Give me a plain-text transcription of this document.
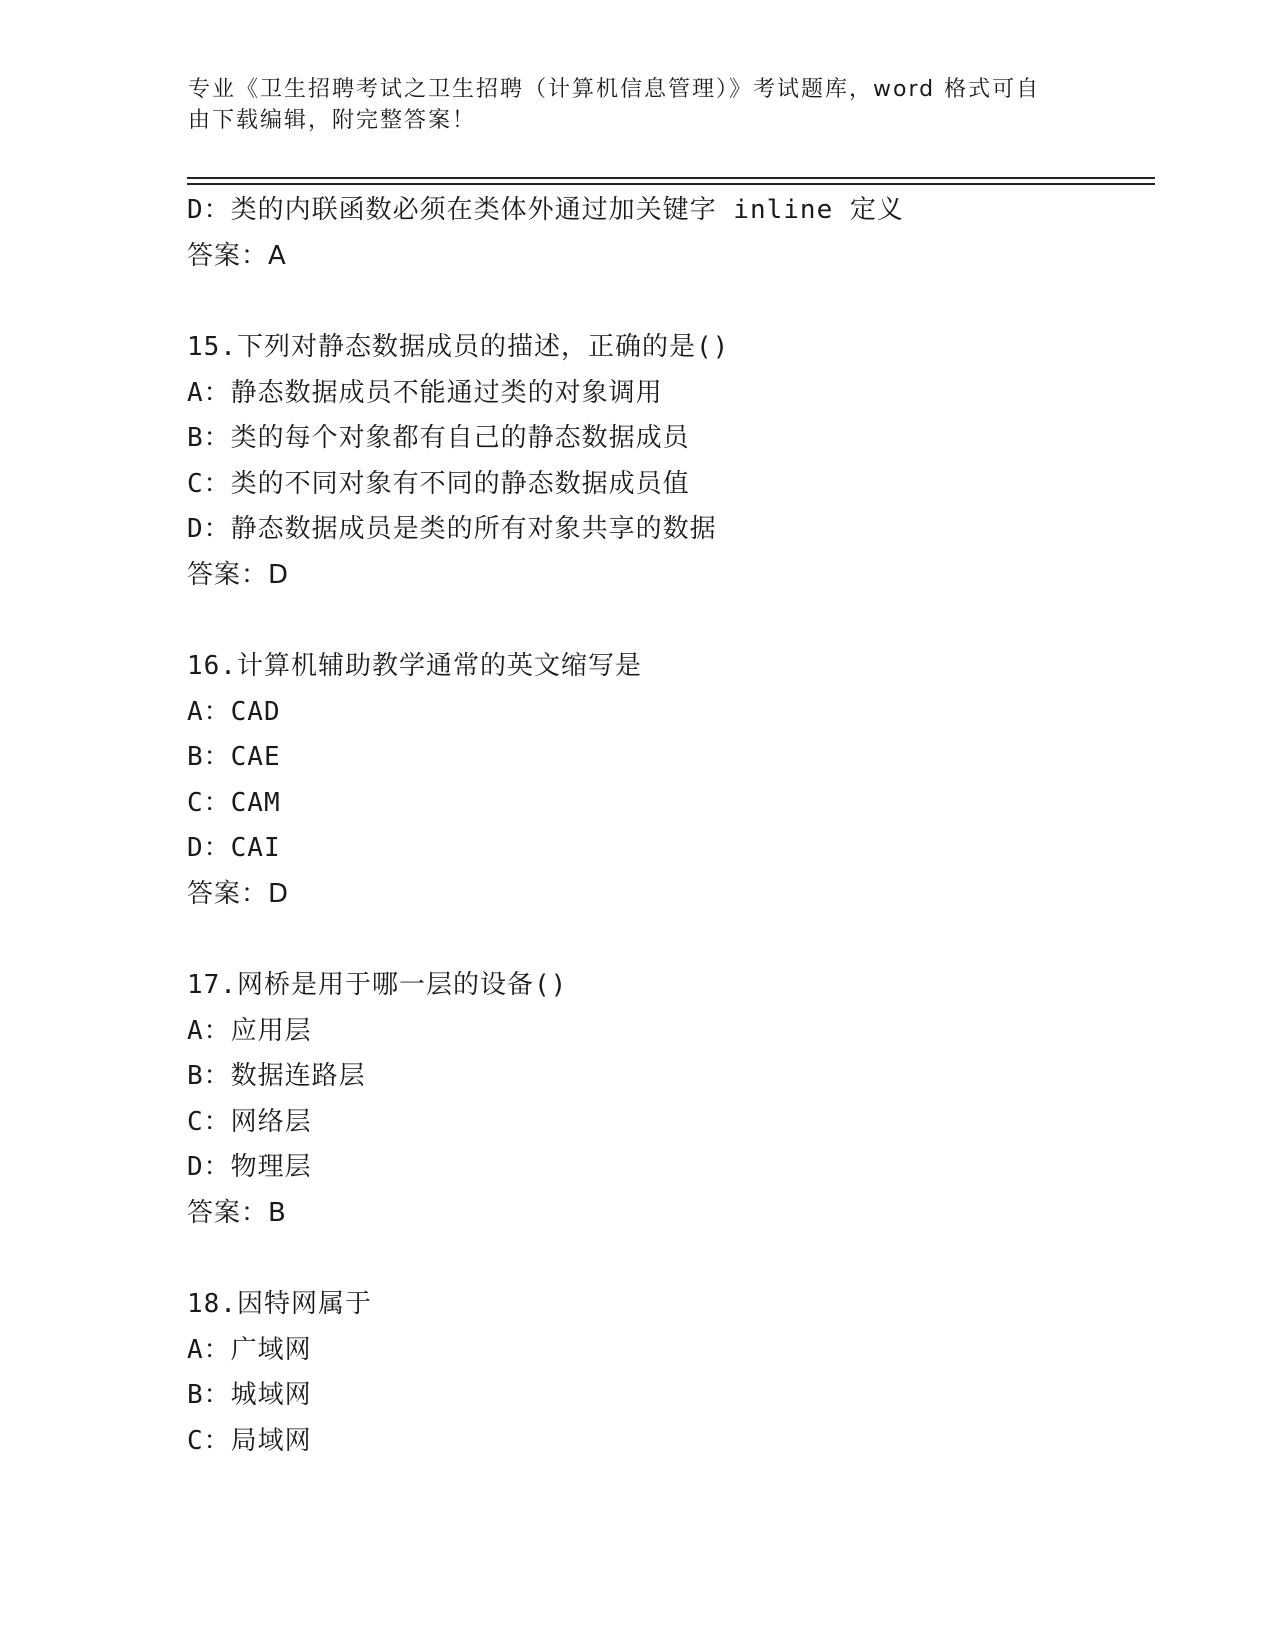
专业《卫生招聘考试之卫生招聘（计算机信息管理）》考试题库，word 格式可自
由下载编辑，附完整答案！
D：类的内联函数必须在类体外通过加关键字 inline 定义
答案：A
15.下列对静态数据成员的描述，正确的是()
A：静态数据成员不能通过类的对象调用
B：类的每个对象都有自己的静态数据成员
C：类的不同对象有不同的静态数据成员值
D：静态数据成员是类的所有对象共享的数据
答案：D
16.计算机辅助教学通常的英文缩写是
A：CAD
B：CAE
C：CAM
D：CAI
答案：D
17.网桥是用于哪一层的设备()
A：应用层
B：数据连路层
C：网络层
D：物理层
答案：B
18.因特网属于
A：广域网
B：城域网
C：局域网
